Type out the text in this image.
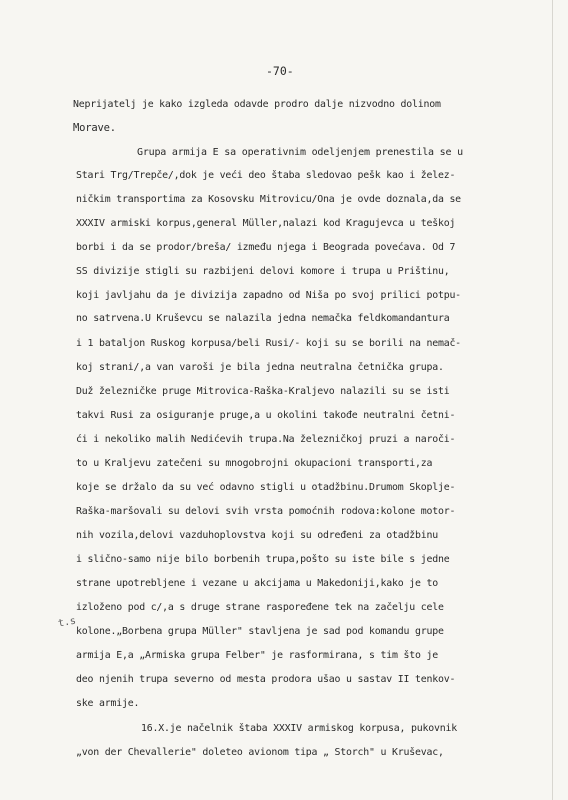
-70-
t.s
Neprijatelj je kako izgleda odavde prodro dalje nizvodno dolinom
Morave.
Grupa armija E sa operativnim odeljenjem prenestila se u
Stari Trg/Trepče/,dok je veći deo štaba sledovao pešk kao i želez-
ničkim transportima za Kosovsku Mitrovicu/Ona je ovde doznala,da se
XXXIV armiski korpus,general Müller,nalazi kod Kragujevca u teškoj
borbi i da se prodor/breša/ između njega i Beograda povećava. Od 7
SS divizije stigli su razbijeni delovi komore i trupa u Prištinu,
koji javljahu da je divizija zapadno od Niša po svoj prilici potpu-
no satrvena.U Kruševcu se nalazila jedna nemačka feldkomandantura
i 1 bataljon Ruskog korpusa/beli Rusi/- koji su se borili na nemač-
koj strani/,a van varoši je bila jedna neutralna četnička grupa.
Duž železničke pruge Mitrovica-Raška-Kraljevo nalazili su se isti
takvi Rusi za osiguranje pruge,a u okolini takođe neutralni četni-
ći i nekoliko malih Nedićevih trupa.Na železničkoj pruzi a naroči-
to u Kraljevu zatečeni su mnogobrojni okupacioni transporti,za
koje se držalo da su već odavno stigli u otadžbinu.Drumom Skoplje-
Raška-maršovali su delovi svih vrsta pomoćnih rodova:kolone motor-
nih vozila,delovi vazduhoplovstva koji su određeni za otadžbinu
i slično-samo nije bilo borbenih trupa,pošto su iste bile s jedne
strane upotrebljene i vezane u akcijama u Makedoniji,kako je to
izloženo pod c/,a s druge strane raspoređene tek na začelju cele
kolone.„Borbena grupa Müller" stavljena je sad pod komandu grupe
armija E,a „Armiska grupa Felber" je rasformirana, s tim što je
deo njenih trupa severno od mesta prodora ušao u sastav II tenkov-
ske armije.
16.X.je načelnik štaba XXXIV armiskog korpusa, pukovnik
„von der Chevallerie" doleteo avionom tipa „ Storch" u Kruševac,
